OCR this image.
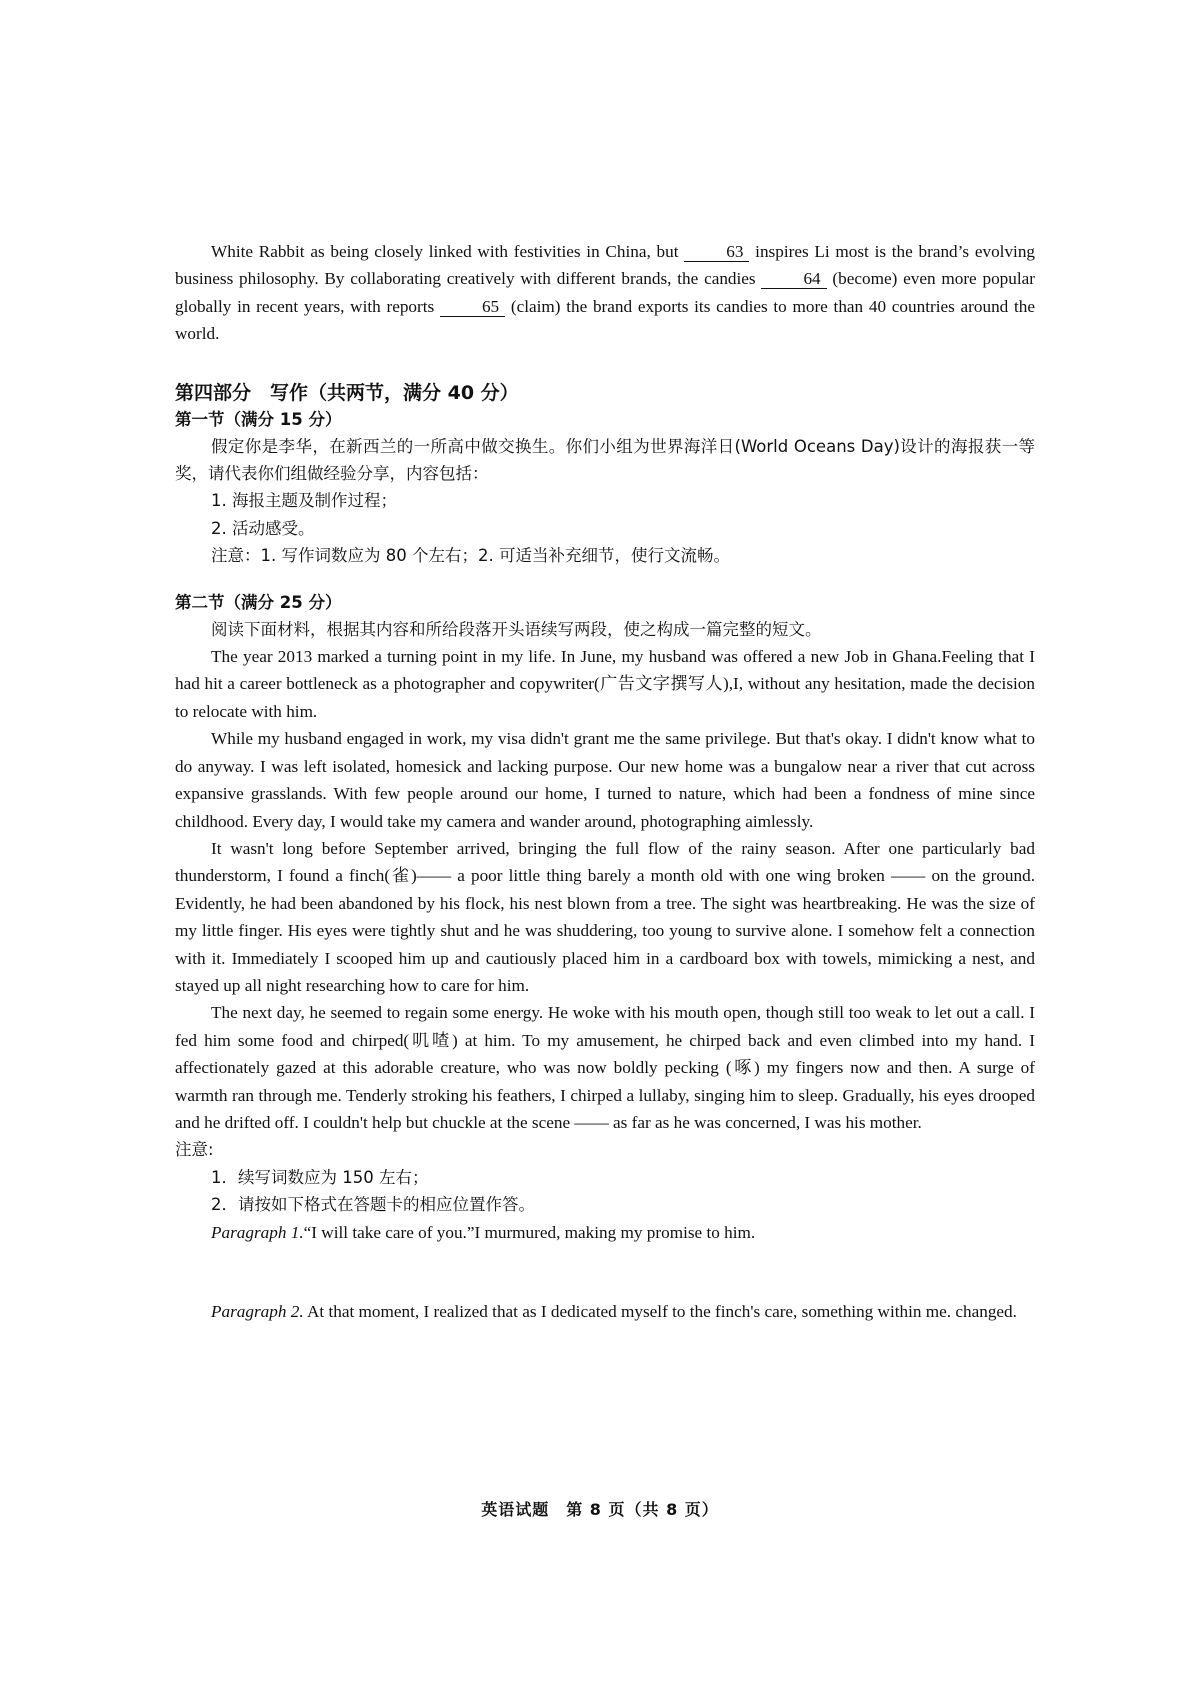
White Rabbit as being closely linked with festivities in China, but 63 inspires Li most is the brand’s evolving business philosophy. By collaborating creatively with different brands, the candies 64 (become) even more popular globally in recent years, with reports 65 (claim) the brand exports its candies to more than 40 countries around the world.

第四部分　写作（共两节，满分 40 分）
第一节（满分 15 分）

假定你是李华，在新西兰的一所高中做交换生。你们小组为世界海洋日(World Oceans Day)设计的海报获一等奖，请代表你们组做经验分享，内容包括：

1. 海报主题及制作过程；

2. 活动感受。

注意：1. 写作词数应为 80 个左右；2. 可适当补充细节，使行文流畅。

第二节（满分 25 分）

阅读下面材料，根据其内容和所给段落开头语续写两段，使之构成一篇完整的短文。

The year 2013 marked a turning point in my life. In June, my husband was offered a new Job in Ghana.Feeling that I had hit a career bottleneck as a photographer and copywriter(广告文字撰写人),I, without any hesitation, made the decision to relocate with him.

While my husband engaged in work, my visa didn't grant me the same privilege. But that's okay. I didn't know what to do anyway. I was left isolated, homesick and lacking purpose. Our new home was a bungalow near a river that cut across expansive grasslands. With few people around our home, I turned to nature, which had been a fondness of mine since childhood. Every day, I would take my camera and wander around, photographing aimlessly.

It wasn't long before September arrived, bringing the full flow of the rainy season. After one particularly bad thunderstorm, I found a finch(雀)—— a poor little thing barely a month old with one wing broken —— on the ground. Evidently, he had been abandoned by his flock, his nest blown from a tree. The sight was heartbreaking. He was the size of my little finger. His eyes were tightly shut and he was shuddering, too young to survive alone. I somehow felt a connection with it. Immediately I scooped him up and cautiously placed him in a cardboard box with towels, mimicking a nest, and stayed up all night researching how to care for him.

The next day, he seemed to regain some energy. He woke with his mouth open, though still too weak to let out a call. I fed him some food and chirped(叽喳) at him. To my amusement, he chirped back and even climbed into my hand. I affectionately gazed at this adorable creature, who was now boldly pecking (啄) my fingers now and then. A surge of warmth ran through me. Tenderly stroking his feathers, I chirped a lullaby, singing him to sleep. Gradually, his eyes drooped and he drifted off. I couldn't help but chuckle at the scene —— as far as he was concerned, I was his mother.

注意:

1．续写词数应为 150 左右；

2．请按如下格式在答题卡的相应位置作答。

Paragraph 1.“I will take care of you.”I murmured, making my promise to him.

Paragraph 2. At that moment, I realized that as I dedicated myself to the finch's care, something within me. changed.

英语试题　第 8 页（共 8 页）
